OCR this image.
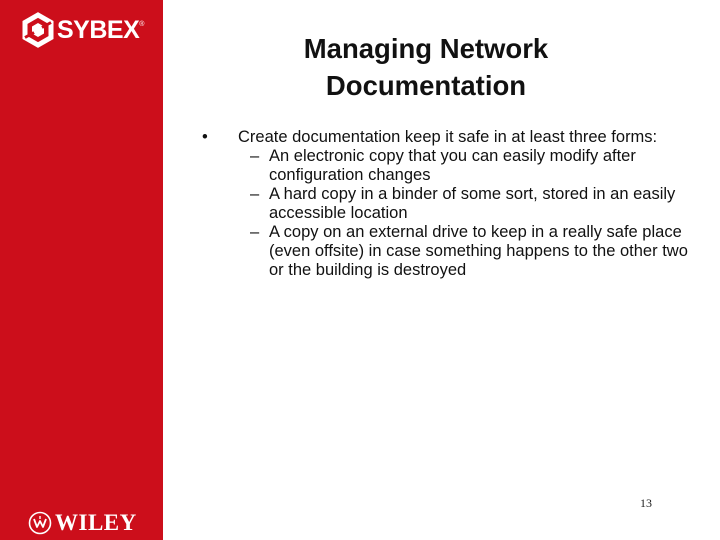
SYBEX ®
WILEY
Managing Network
Documentation
• Create documentation keep it safe in at least three forms:
– An electronic copy that you can easily modify after configuration changes
– A hard copy in a binder of some sort, stored in an easily accessible location
– A copy on an external drive to keep in a really safe place (even offsite) in case something happens to the other two or the building is destroyed
13
